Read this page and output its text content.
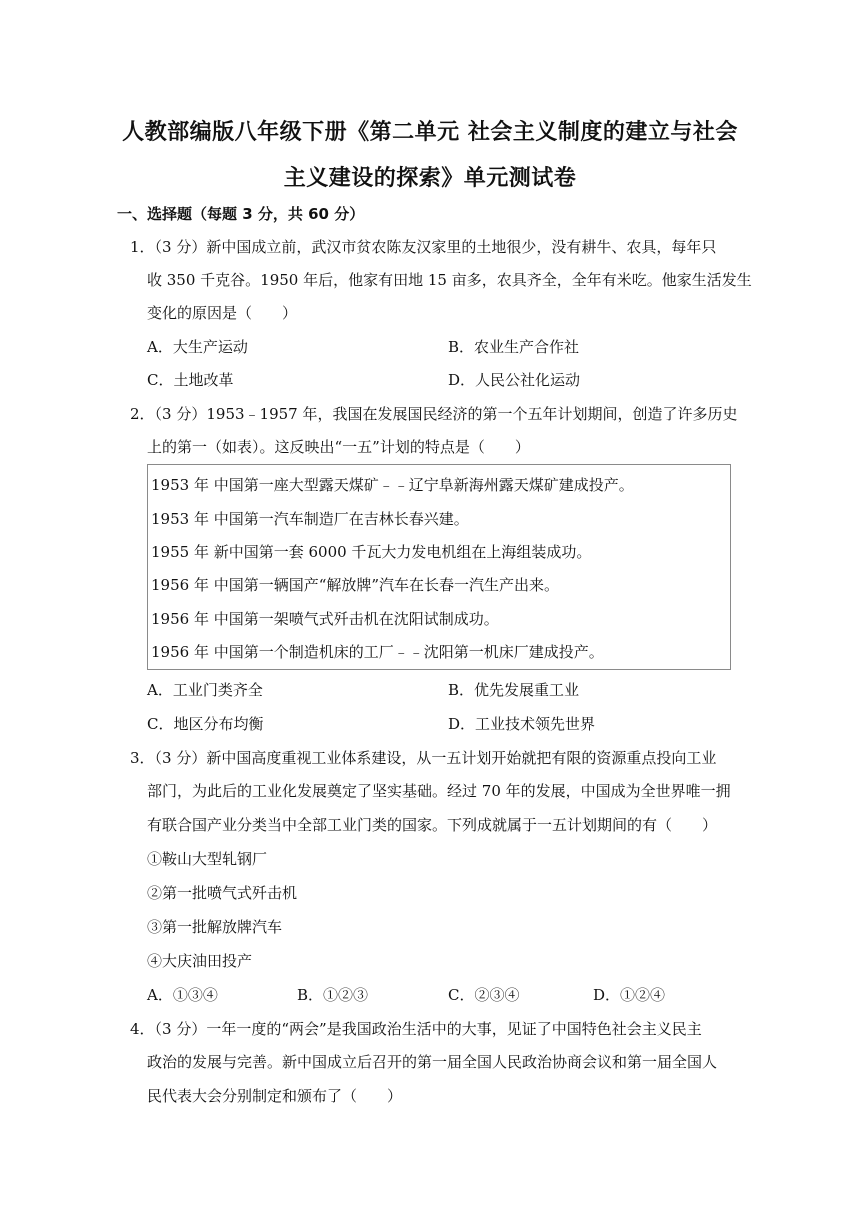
人教部编版八年级下册《第二单元 社会主义制度的建立与社会
主义建设的探索》单元测试卷
一、选择题（每题 3 分，共 60 分）
1．（3 分）新中国成立前，武汉市贫农陈友汉家里的土地很少，没有耕牛、农具，每年只
收 350 千克谷。1950 年后，他家有田地 15 亩多，农具齐全，全年有米吃。他家生活发生
变化的原因是（　　）
A．大生产运动	B．农业生产合作社
C．土地改革	D．人民公社化运动
2．（3 分）1953﹣1957 年，我国在发展国民经济的第一个五年计划期间，创造了许多历史
上的第一（如表）。这反映出“一五”计划的特点是（　　）
1953 年 中国第一座大型露天煤矿﹣﹣辽宁阜新海州露天煤矿建成投产。
1953 年 中国第一汽车制造厂在吉林长春兴建。
1955 年 新中国第一套 6000 千瓦大力发电机组在上海组装成功。
1956 年 中国第一辆国产“解放牌”汽车在长春一汽生产出来。
1956 年 中国第一架喷气式歼击机在沈阳试制成功。
1956 年 中国第一个制造机床的工厂﹣﹣沈阳第一机床厂建成投产。
A．工业门类齐全	B．优先发展重工业
C．地区分布均衡	D．工业技术领先世界
3．（3 分）新中国高度重视工业体系建设，从一五计划开始就把有限的资源重点投向工业
部门，为此后的工业化发展奠定了坚实基础。经过 70 年的发展，中国成为全世界唯一拥
有联合国产业分类当中全部工业门类的国家。下列成就属于一五计划期间的有（　　）
①鞍山大型轧钢厂
②第一批喷气式歼击机
③第一批解放牌汽车
④大庆油田投产
A．①③④	B．①②③	C．②③④	D．①②④
4．（3 分）一年一度的“两会”是我国政治生活中的大事，见证了中国特色社会主义民主
政治的发展与完善。新中国成立后召开的第一届全国人民政治协商会议和第一届全国人
民代表大会分别制定和颁布了（　　）
